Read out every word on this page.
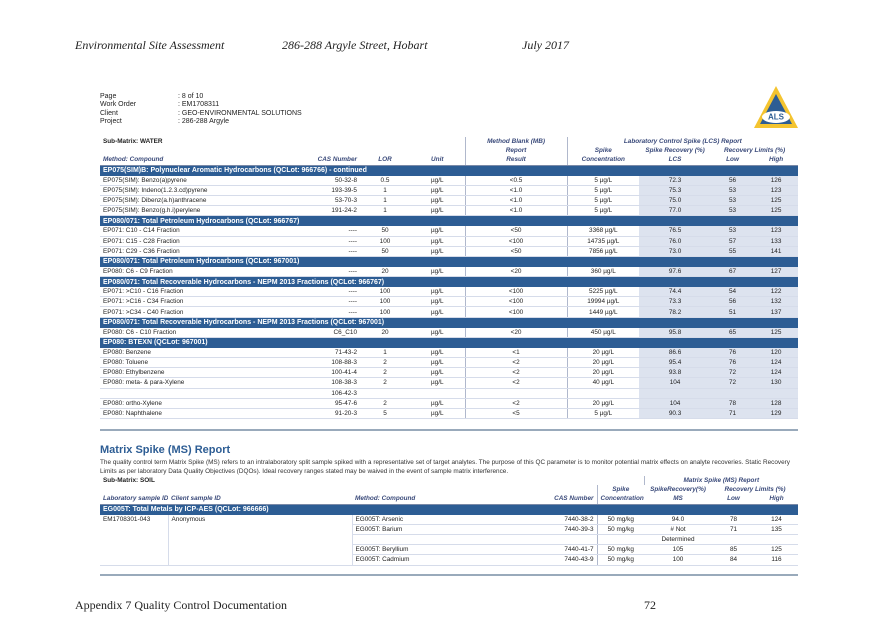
Environmental Site Assessment	286-288 Argyle Street, Hobart	July 2017
Page	: 8 of 10
Work Order	: EM1708311
Client	: GEO-ENVIRONMENTAL SOLUTIONS
Project	: 286-288 Argyle	ALS
Sub-Matrix: WATER				Method Blank (MB)	Laboratory Control Spike (LCS) Report			
				Report	Spike	Spike Recovery (%)	Recovery Limits (%)	
Method: Compound	CAS Number	LOR	Unit	Result	Concentration	LCS	Low	High
EP075(SIM)B: Polynuclear Aromatic Hydrocarbons (QCLot: 966766) - continued								
EP075(SIM): Benzo(a)pyrene	50-32-8	0.5	µg/L	<0.5	5 µg/L	72.3	56	126
EP075(SIM): Indeno(1.2.3.cd)pyrene	193-39-5	1	µg/L	<1.0	5 µg/L	75.3	53	123
EP075(SIM): Dibenz(a.h)anthracene	53-70-3	1	µg/L	<1.0	5 µg/L	75.0	53	125
EP075(SIM): Benzo(g.h.i)perylene	191-24-2	1	µg/L	<1.0	5 µg/L	77.0	53	125
EP080/071: Total Petroleum Hydrocarbons (QCLot: 966767)								
EP071: C10 - C14 Fraction	----	50	µg/L	<50	3368 µg/L	76.5	53	123
EP071: C15 - C28 Fraction	----	100	µg/L	<100	14735 µg/L	76.0	57	133
EP071: C29 - C36 Fraction	----	50	µg/L	<50	7856 µg/L	73.0	55	141
EP080/071: Total Petroleum Hydrocarbons (QCLot: 967001)								
EP080: C6 - C9 Fraction	----	20	µg/L	<20	360 µg/L	97.6	67	127
EP080/071: Total Recoverable Hydrocarbons - NEPM 2013 Fractions (QCLot: 966767)								
EP071: >C10 - C16 Fraction	----	100	µg/L	<100	5225 µg/L	74.4	54	122
EP071: >C16 - C34 Fraction	----	100	µg/L	<100	19994 µg/L	73.3	56	132
EP071: >C34 - C40 Fraction	----	100	µg/L	<100	1449 µg/L	78.2	51	137
EP080/071: Total Recoverable Hydrocarbons - NEPM 2013 Fractions (QCLot: 967001)								
EP080: C6 - C10 Fraction	C6_C10	20	µg/L	<20	450 µg/L	95.8	65	125
EP080: BTEXN (QCLot: 967001)								
EP080: Benzene	71-43-2	1	µg/L	<1	20 µg/L	86.6	76	120
EP080: Toluene	108-88-3	2	µg/L	<2	20 µg/L	95.4	76	124
EP080: Ethylbenzene	100-41-4	2	µg/L	<2	20 µg/L	93.8	72	124
EP080: meta- & para-Xylene	108-38-3	2	µg/L	<2	40 µg/L	104	72	130
	106-42-3							
EP080: ortho-Xylene	95-47-6	2	µg/L	<2	20 µg/L	104	78	128
EP080: Naphthalene	91-20-3	5	µg/L	<5	5 µg/L	90.3	71	129
Matrix Spike (MS) Report
The quality control term Matrix Spike (MS) refers to an intralaboratory split sample spiked with a representative set of target analytes. The purpose of this QC parameter is to monitor potential matrix effects on analyte recoveries. Static Recovery Limits as per laboratory Data Quality Objectives (DQOs). Ideal recovery ranges stated may be waived in the event of sample matrix interference.
Sub-Matrix: SOIL					Matrix Spike (MS) Report		
				Spike	SpikeRecovery(%)	Recovery Limits (%)	
Laboratory sample ID	Client sample ID	Method: Compound	CAS Number	Concentration	MS	Low	High
EG005T: Total Metals by ICP-AES (QCLot: 966666)							
EM1708301-043	Anonymous	EG005T: Arsenic	7440-38-2	50 mg/kg	94.0	78	124
		EG005T: Barium	7440-39-3	50 mg/kg	# Not	71	135
					Determined		
		EG005T: Beryllium	7440-41-7	50 mg/kg	105	85	125
		EG005T: Cadmium	7440-43-9	50 mg/kg	100	84	116
Appendix 7 Quality Control Documentation	72
